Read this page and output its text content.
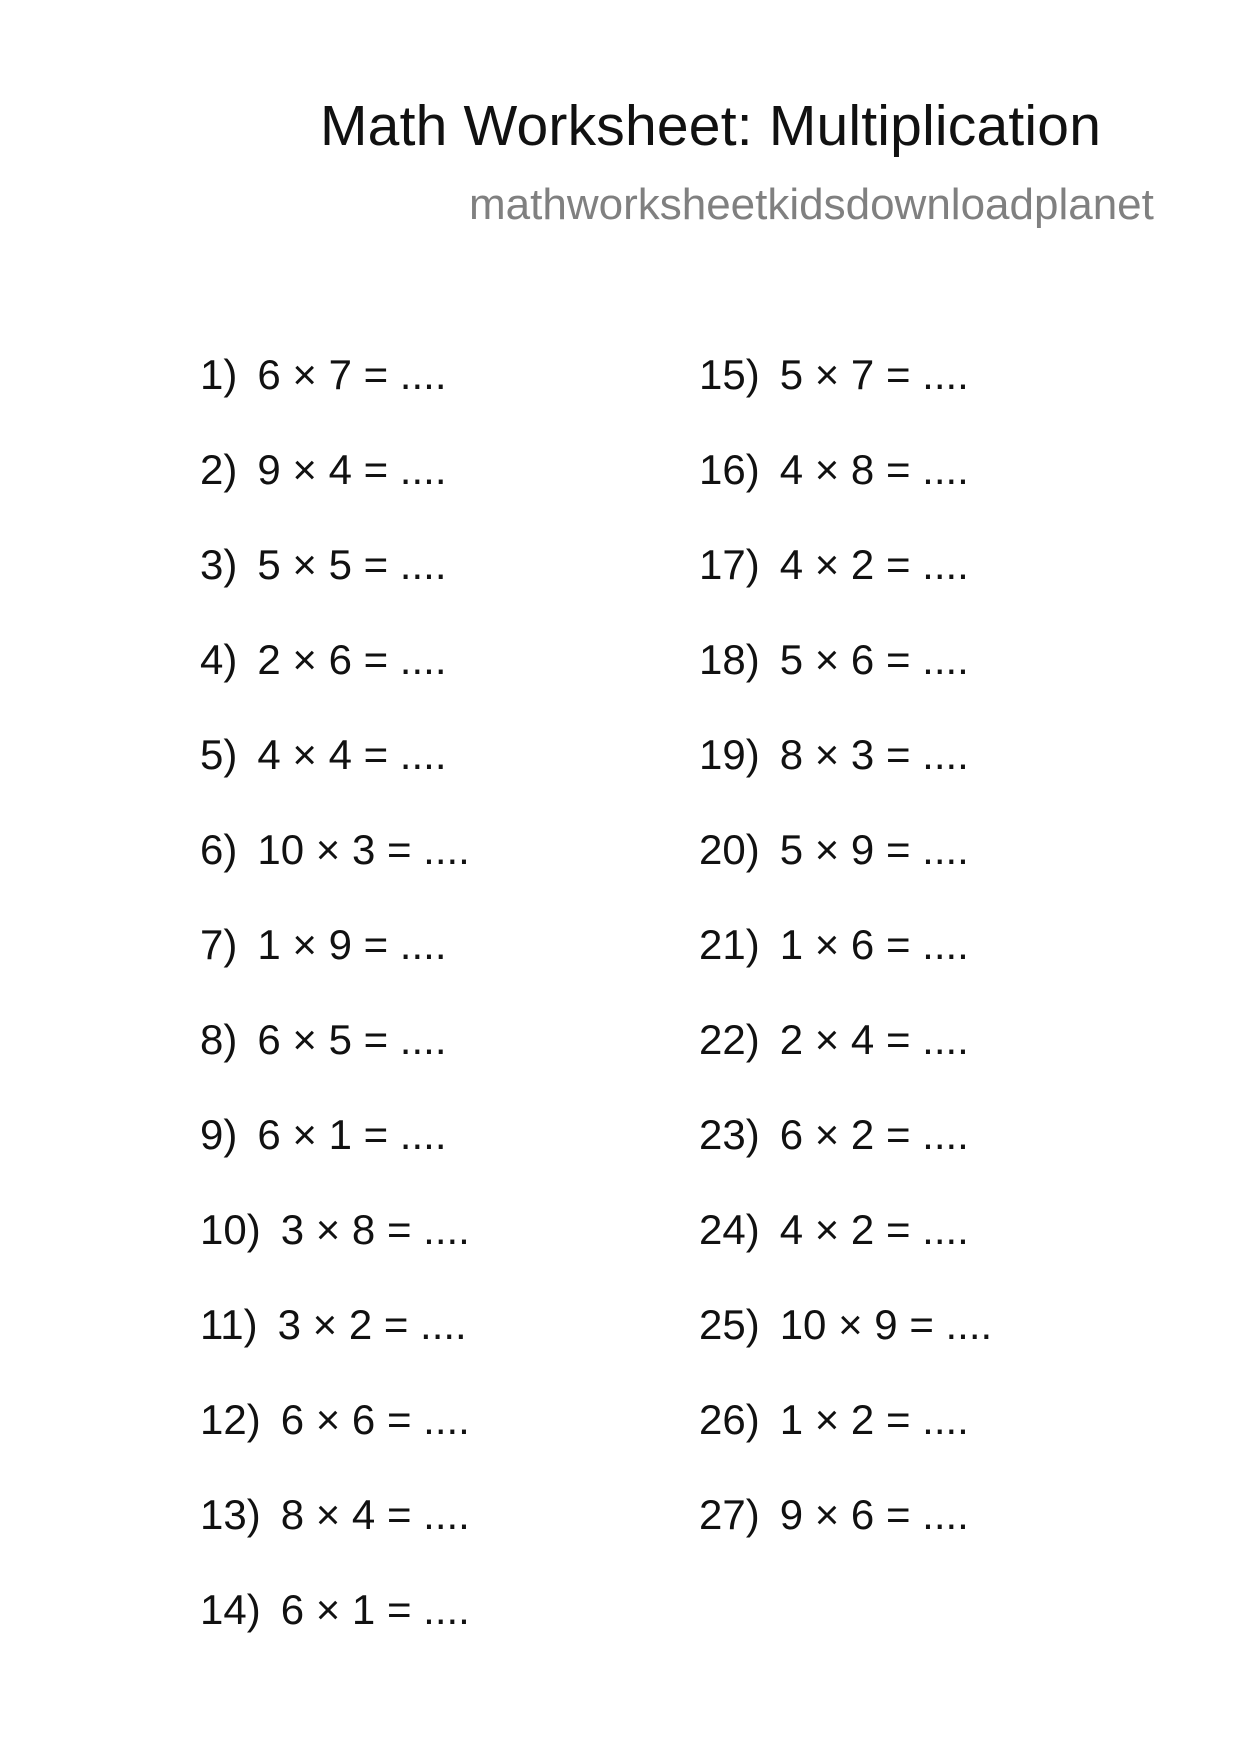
Math Worksheet: Multiplication
mathworksheetkidsdownloadplanet
1) 6 × 7 = ....
2) 9 × 4 = ....
3) 5 × 5 = ....
4) 2 × 6 = ....
5) 4 × 4 = ....
6) 10 × 3 = ....
7) 1 × 9 = ....
8) 6 × 5 = ....
9) 6 × 1 = ....
10) 3 × 8 = ....
11) 3 × 2 = ....
12) 6 × 6 = ....
13) 8 × 4 = ....
14) 6 × 1 = ....
15) 5 × 7 = ....
16) 4 × 8 = ....
17) 4 × 2 = ....
18) 5 × 6 = ....
19) 8 × 3 = ....
20) 5 × 9 = ....
21) 1 × 6 = ....
22) 2 × 4 = ....
23) 6 × 2 = ....
24) 4 × 2 = ....
25) 10 × 9 = ....
26) 1 × 2 = ....
27) 9 × 6 = ....
